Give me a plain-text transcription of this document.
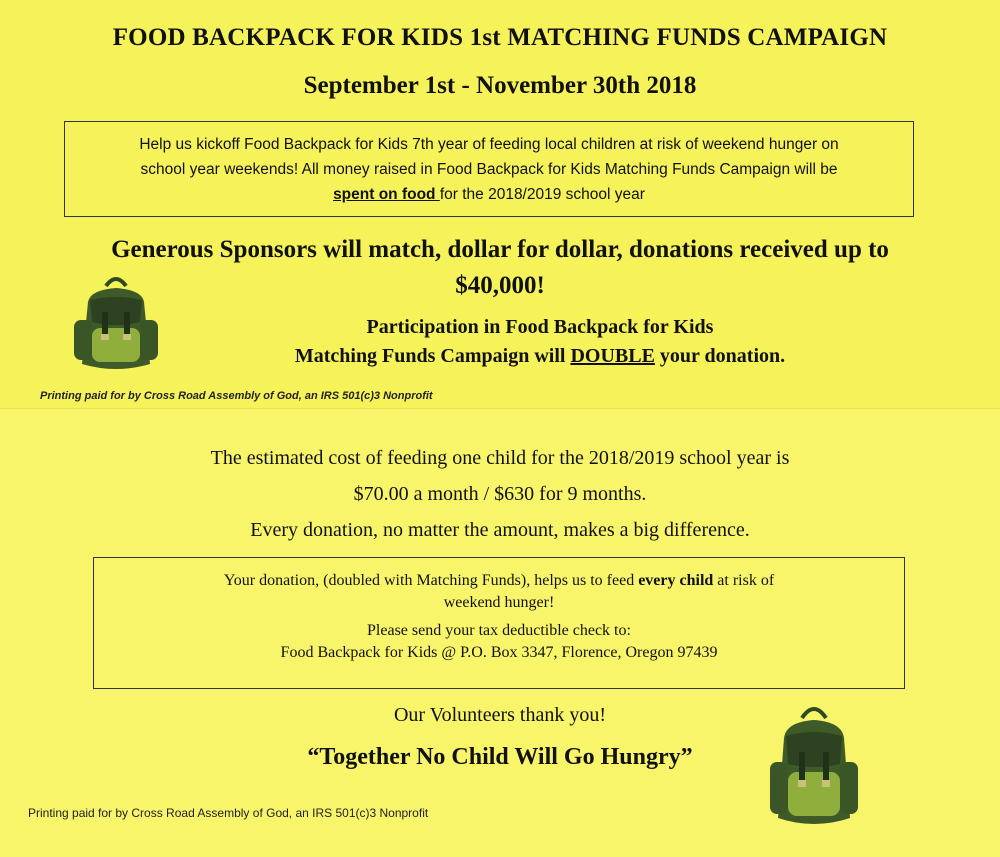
FOOD BACKPACK FOR KIDS 1st MATCHING FUNDS CAMPAIGN
September 1st - November 30th 2018
Help us kickoff Food Backpack for Kids 7th year of feeding local children at risk of weekend hunger on
school year weekends! All money raised in Food Backpack for Kids Matching Funds Campaign will be
spent on food for the 2018/2019 school year
Generous Sponsors will match, dollar for dollar, donations received up to
$40,000!
Participation in Food Backpack for Kids
Matching Funds Campaign will DOUBLE your donation.
Printing paid for by Cross Road Assembly of God, an IRS 501(c)3 Nonprofit
The estimated cost of feeding one child for the 2018/2019 school year is
$70.00 a month / $630 for 9 months.
Every donation, no matter the amount, makes a big difference.
Your donation, (doubled with Matching Funds), helps us to feed every child at risk of
weekend hunger!
Please send your tax deductible check to:
Food Backpack for Kids @ P.O. Box 3347, Florence, Oregon 97439
Our Volunteers thank you!
“Together No Child Will Go Hungry”
Printing paid for by Cross Road Assembly of God, an IRS 501(c)3 Nonprofit
